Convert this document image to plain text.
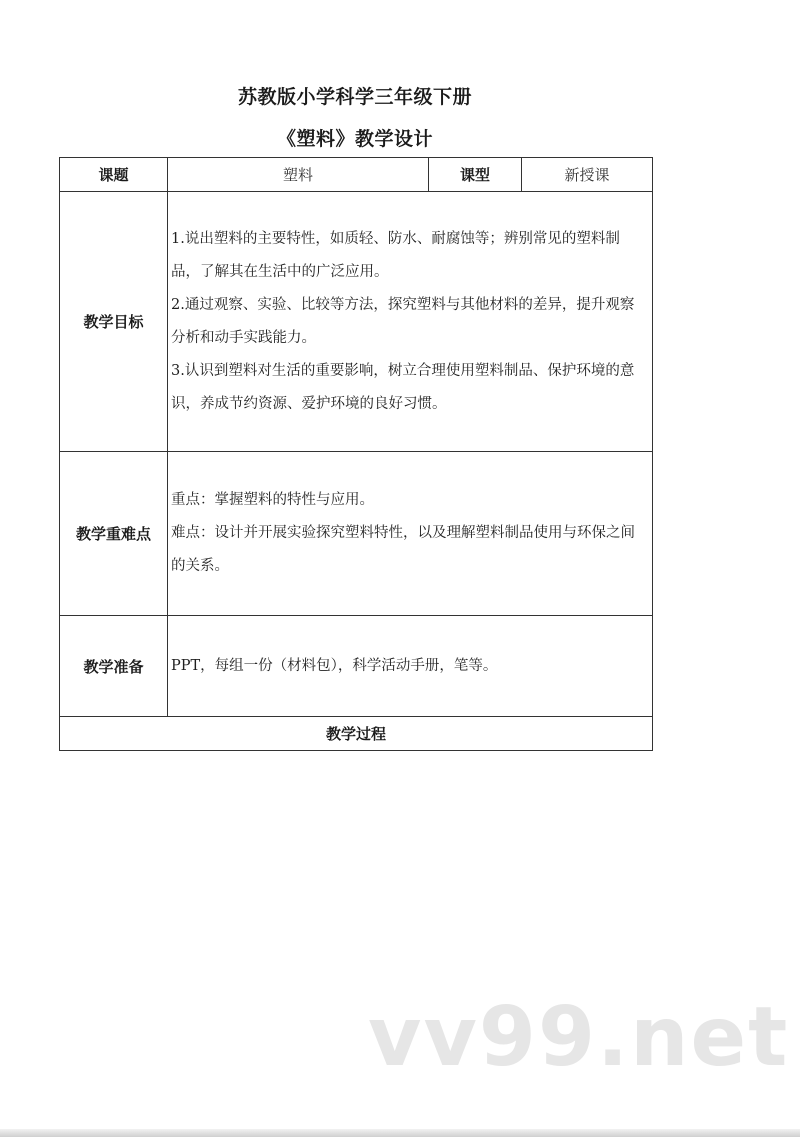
苏教版小学科学三年级下册
《塑料》教学设计
课题	塑料	课型	新授课
教学目标	1.说出塑料的主要特性，如质轻、防水、耐腐蚀等；辨别常见的塑料制品，了解其在生活中的广泛应用。

2.通过观察、实验、比较等方法，探究塑料与其他材料的差异，提升观察分析和动手实践能力。

3.认识到塑料对生活的重要影响，树立合理使用塑料制品、保护环境的意识，养成节约资源、爱护环境的良好习惯。		

教学重难点	重点：掌握塑料的特性与应用。

难点：设计并开展实验探究塑料特性，以及理解塑料制品使用与环保之间的关系。		

教学准备	PPT，每组一份（材料包），科学活动手册，笔等。		

教学过程			
vv99.net
